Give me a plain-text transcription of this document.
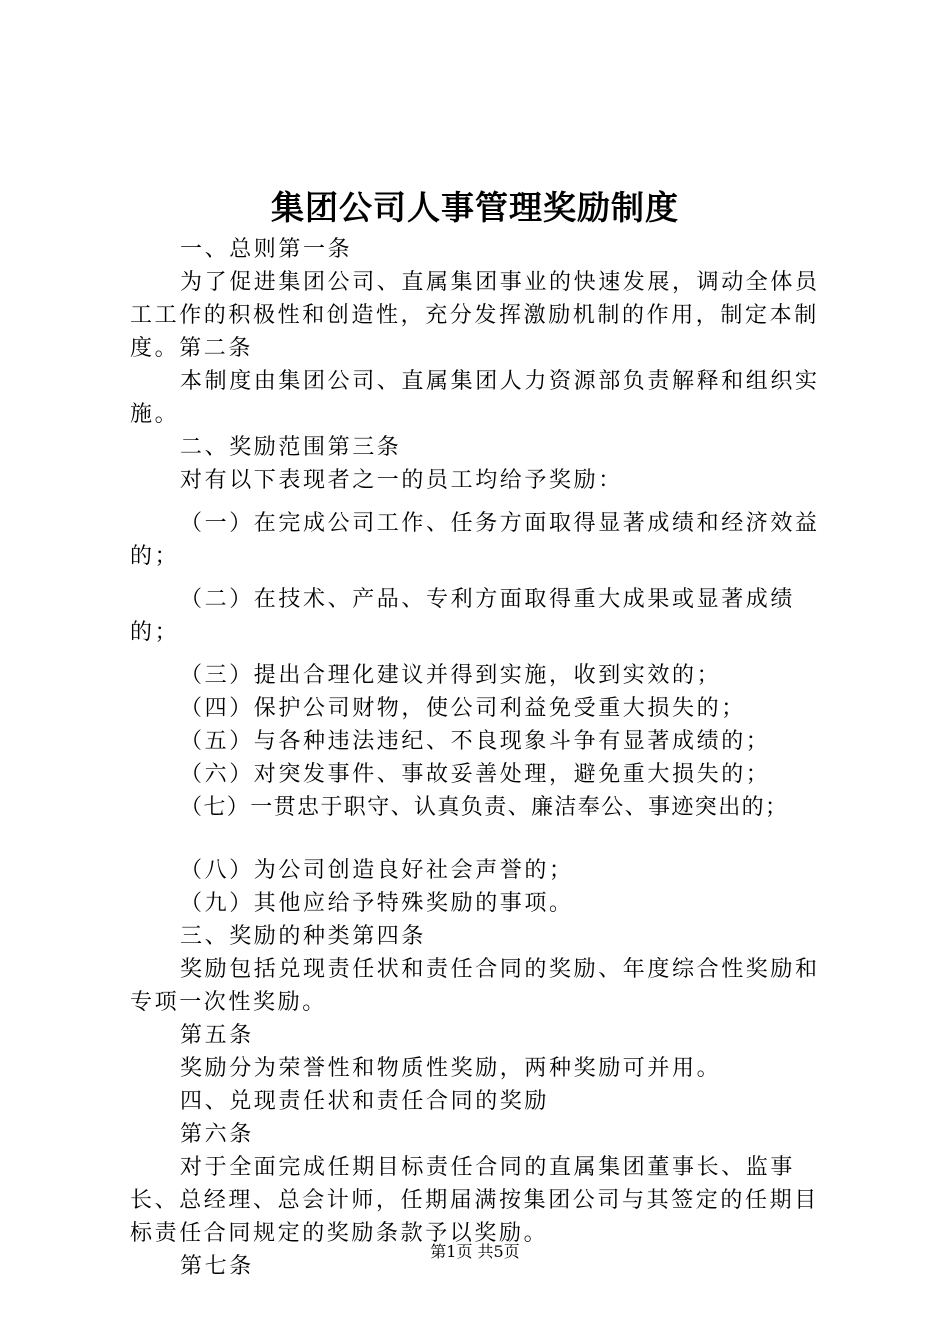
集团公司人事管理奖励制度

一、总则第一条

为了促进集团公司、直属集团事业的快速发展，调动全体员工工作的积极性和创造性，充分发挥激励机制的作用，制定本制度。第二条

本制度由集团公司、直属集团人力资源部负责解释和组织实施。

二、奖励范围第三条

对有以下表现者之一的员工均给予奖励：

（一）在完成公司工作、任务方面取得显著成绩和经济效益的；

（二）在技术、产品、专利方面取得重大成果或显著成绩的；

（三）提出合理化建议并得到实施，收到实效的；

（四）保护公司财物，使公司利益免受重大损失的；

（五）与各种违法违纪、不良现象斗争有显著成绩的；

（六）对突发事件、事故妥善处理，避免重大损失的；

（七）一贯忠于职守、认真负责、廉洁奉公、事迹突出的；

（八）为公司创造良好社会声誉的；

（九）其他应给予特殊奖励的事项。

三、奖励的种类第四条

奖励包括兑现责任状和责任合同的奖励、年度综合性奖励和专项一次性奖励。

第五条

奖励分为荣誉性和物质性奖励，两种奖励可并用。

四、兑现责任状和责任合同的奖励

第六条

对于全面完成任期目标责任合同的直属集团董事长、监事长、总经理、总会计师，任期届满按集团公司与其签定的任期目标责任合同规定的奖励条款予以奖励。

第七条

第1页 共5页
